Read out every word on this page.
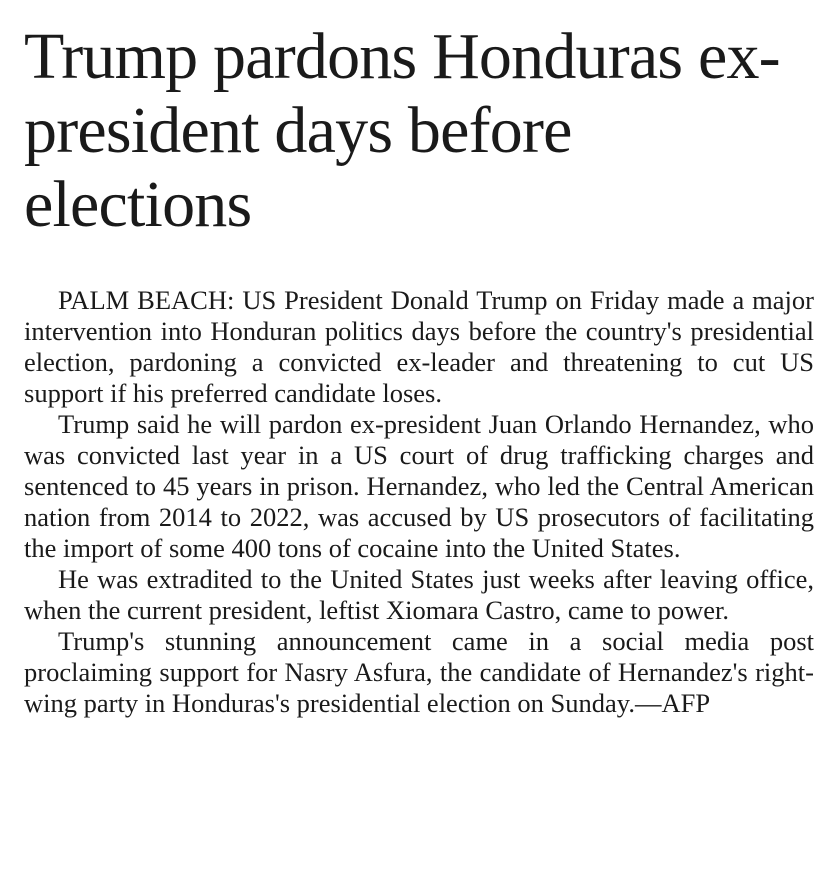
Trump pardons Honduras ex-president days before elections

PALM BEACH: US President Donald Trump on Friday made a major intervention into Honduran politics days before the country's presidential election, pardoning a convicted ex-leader and threatening to cut US support if his preferred candidate loses.

Trump said he will pardon ex-president Juan Orlando Hernandez, who was convicted last year in a US court of drug trafficking charges and sentenced to 45 years in prison. Hernandez, who led the Central American nation from 2014 to 2022, was accused by US prosecutors of facilitating the import of some 400 tons of cocaine into the United States.

He was extradited to the United States just weeks after leaving office, when the current president, leftist Xiomara Castro, came to power.

Trump's stunning announcement came in a social media post proclaiming support for Nasry Asfura, the candidate of Hernandez's right-wing party in Honduras's presidential election on Sunday.—AFP
